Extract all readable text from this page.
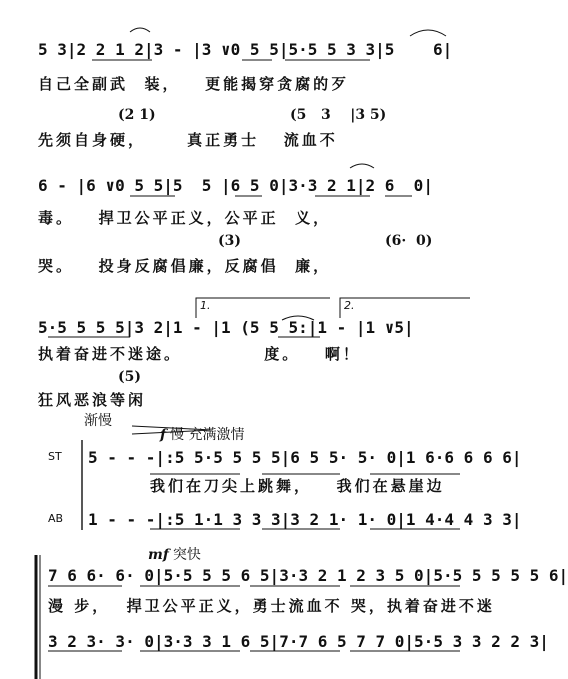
5 3|2 2 1 2|3 - |3 ∨0 5 5|5·5 5 3 3|5    6|
自己全副武  装，   更能揭穿贪腐的歹
(2 1)	(5   3    |3 5)
先须自身硬，     真正勇士   流血不
6 - |6 ∨0 5 5|5  5 |6 5 0|3·3 2 1|2 6  0|
毒。   捍卫公平正义，公平正  义，
(3)	(6·  0)
哭。   投身反腐倡廉，反腐倡  廉，
1.	2.
5·5 5 5 5|3 2|1 - |1 (5 5 5:|1 - |1 ∨5|
执着奋进不迷途。          度。   啊！
(5)
狂风恶浪等闲
渐慢
f 慢 充满激情
ST 5 - - -|:5 5·5 5 5 5|6 5 5· 5· 0|1 6·6 6 6 6|
我们在刀尖上跳舞，   我们在悬崖边
AB 1 - - -|:5 1·1 3 3 3|3 2 1· 1· 0|1 4·4 4 3 3|
mf 突快
7 6 6· 6· 0|5·5 5 5 6 5|3·3 2 1 2 3 5 0|5·5 5 5 5 5 6|
漫 步，  捍卫公平正义，勇士流血不 哭，执着奋进不迷
3 2 3· 3· 0|3·3 3 1 6 5|7·7 6 5 7 7 0|5·5 3 3 2 2 3|
